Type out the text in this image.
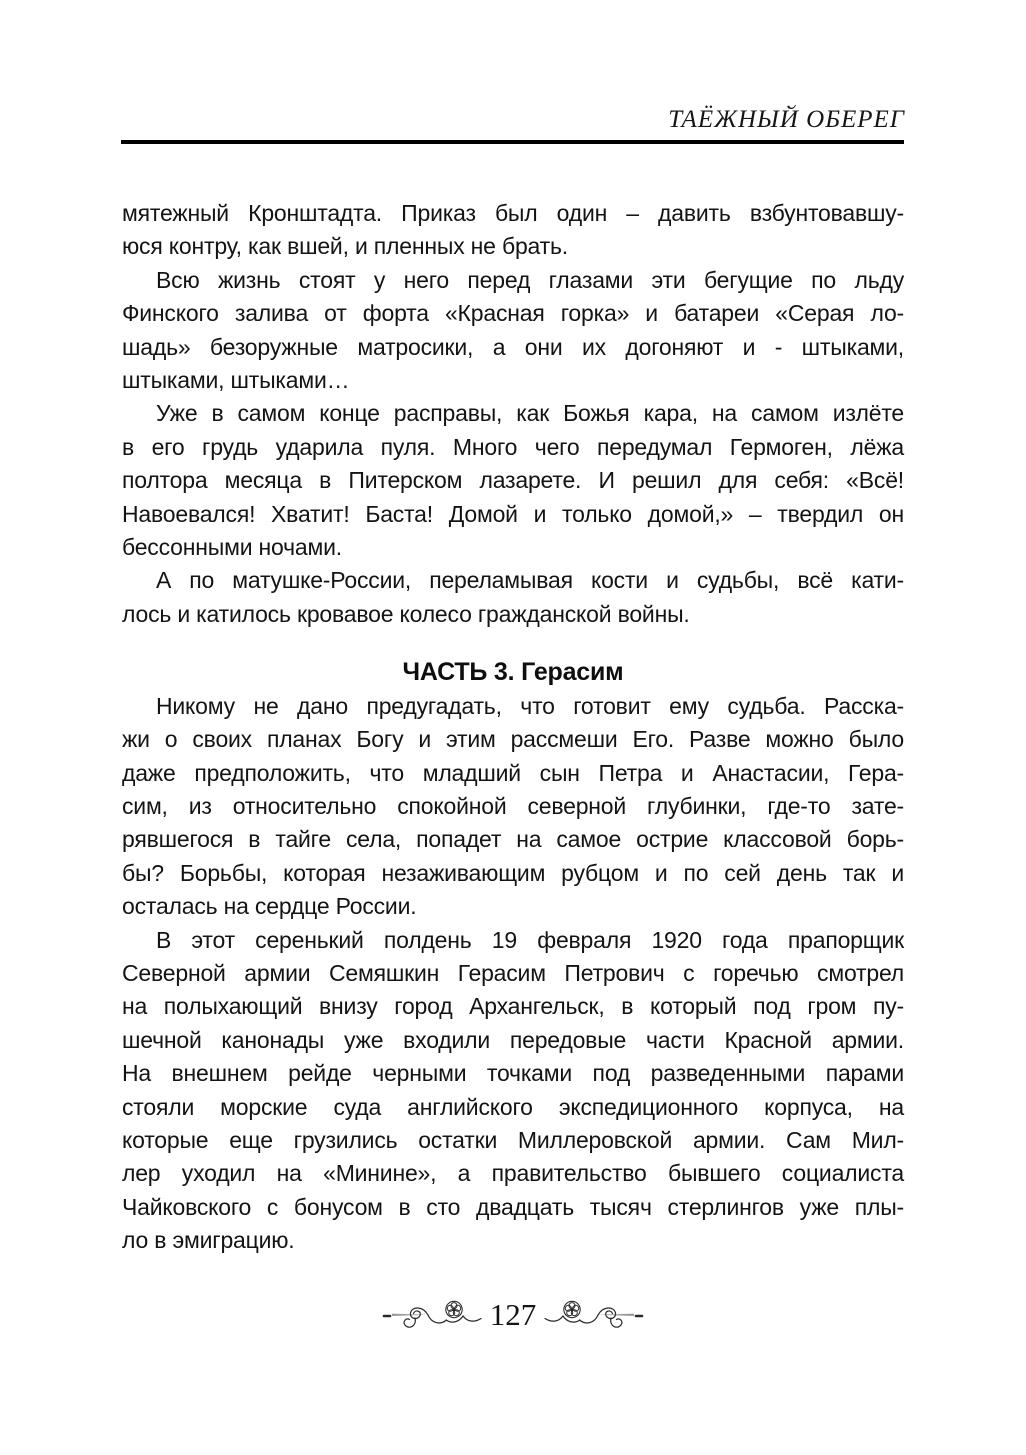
ТАЁЖНЫЙ ОБЕРЕГ
мятежный Кронштадта. Приказ был один – давить взбунтовавшу-
юся контру, как вшей, и пленных не брать.
Всю жизнь стоят у него перед глазами эти бегущие по льду
Финского залива от форта «Красная горка» и батареи «Серая ло-
шадь» безоружные матросики, а они их догоняют и - штыками,
штыками, штыками…
Уже в самом конце расправы, как Божья кара, на самом излёте
в его грудь ударила пуля. Много чего передумал Гермоген, лёжа
полтора месяца в Питерском лазарете. И решил для себя: «Всё!
Навоевался! Хватит! Баста! Домой и только домой,» – твердил он
бессонными ночами.
А по матушке-России, переламывая кости и судьбы, всё кати-
лось и катилось кровавое колесо гражданской войны.
ЧАСТЬ 3. Герасим
Никому не дано предугадать, что готовит ему судьба. Расска-
жи о своих планах Богу и этим рассмеши Его. Разве можно было
даже предположить, что младший сын Петра и Анастасии, Гера-
сим, из относительно спокойной северной глубинки, где-то зате-
рявшегося в тайге села, попадет на самое острие классовой борь-
бы? Борьбы, которая незаживающим рубцом и по сей день так и
осталась на сердце России.
В этот серенький полдень 19 февраля 1920 года прапорщик
Северной армии Семяшкин Герасим Петрович с горечью смотрел
на полыхающий внизу город Архангельск, в который под гром пу-
шечной канонады уже входили передовые части Красной армии.
На внешнем рейде черными точками под разведенными парами
стояли морские суда английского экспедиционного корпуса, на
которые еще грузились остатки Миллеровской армии. Сам Мил-
лер уходил на «Минине», а правительство бывшего социалиста
Чайковского с бонусом в сто двадцать тысяч стерлингов уже плы-
ло в эмиграцию.
127
